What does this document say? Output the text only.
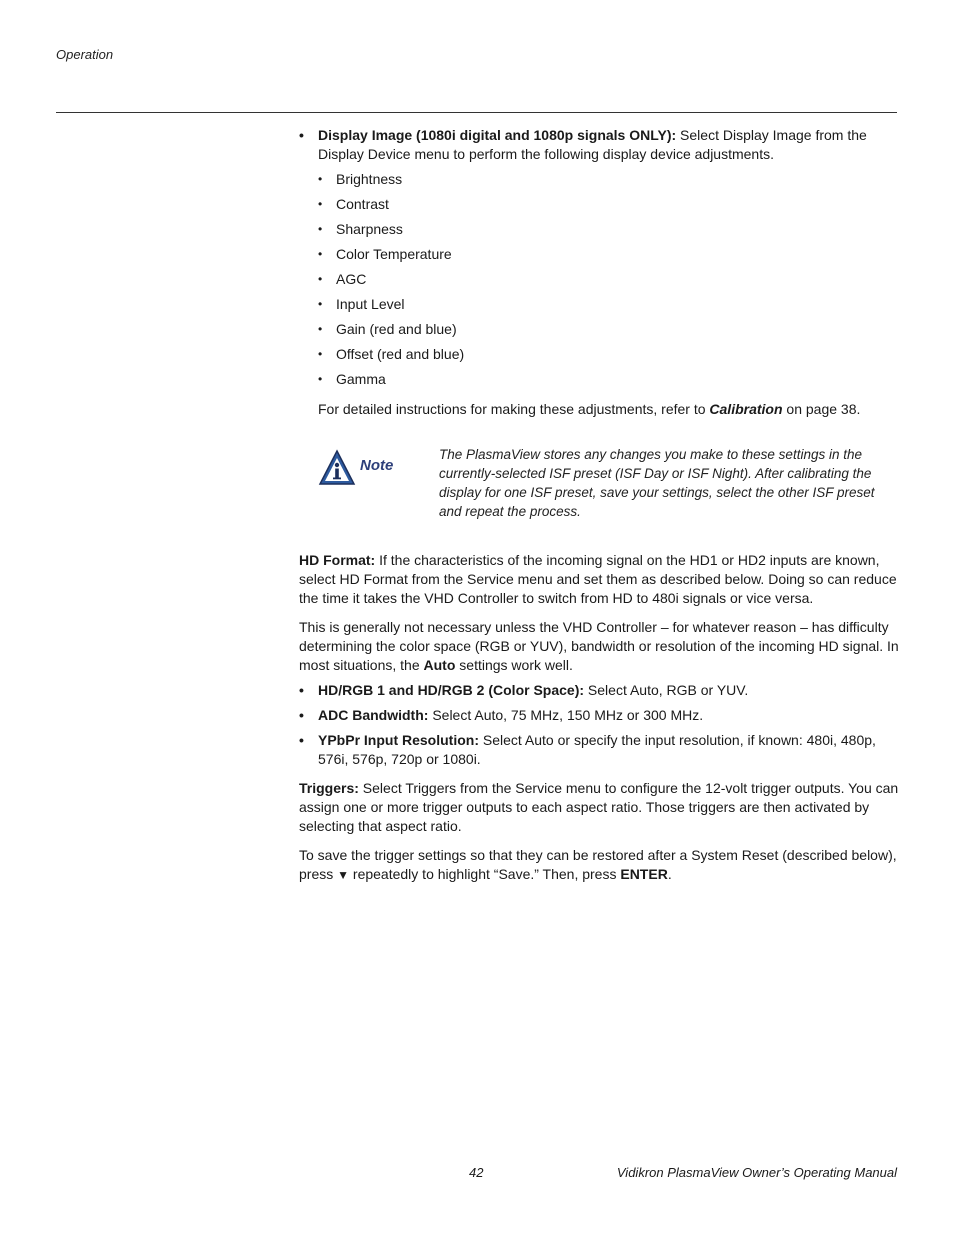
Operation
•	Display Image (1080i digital and 1080p signals ONLY): Select Display Image from the Display Device menu to perform the following display device adjustments.
• Brightness
• Contrast
• Sharpness
• Color Temperature
• AGC
• Input Level
• Gain (red and blue)
• Offset (red and blue)
• Gamma
For detailed instructions for making these adjustments, refer to Calibration on page 38.
Note
The PlasmaView stores any changes you make to these settings in the currently-selected ISF preset (ISF Day or ISF Night). After calibrating the display for one ISF preset, save your settings, select the other ISF preset and repeat the process.
HD Format: If the characteristics of the incoming signal on the HD1 or HD2 inputs are known, select HD Format from the Service menu and set them as described below. Doing so can reduce the time it takes the VHD Controller to switch from HD to 480i signals or vice versa.
This is generally not necessary unless the VHD Controller – for whatever reason – has difficulty determining the color space (RGB or YUV), bandwidth or resolution of the incoming HD signal. In most situations, the Auto settings work well.
•	HD/RGB 1 and HD/RGB 2 (Color Space): Select Auto, RGB or YUV.
•	ADC Bandwidth: Select Auto, 75 MHz, 150 MHz or 300 MHz.
•	YPbPr Input Resolution: Select Auto or specify the input resolution, if known: 480i, 480p, 576i, 576p, 720p or 1080i.
Triggers: Select Triggers from the Service menu to configure the 12-volt trigger outputs. You can assign one or more trigger outputs to each aspect ratio. Those triggers are then activated by selecting that aspect ratio.
To save the trigger settings so that they can be restored after a System Reset (described below), press ▼ repeatedly to highlight “Save.” Then, press ENTER.
42	Vidikron PlasmaView Owner’s Operating Manual
